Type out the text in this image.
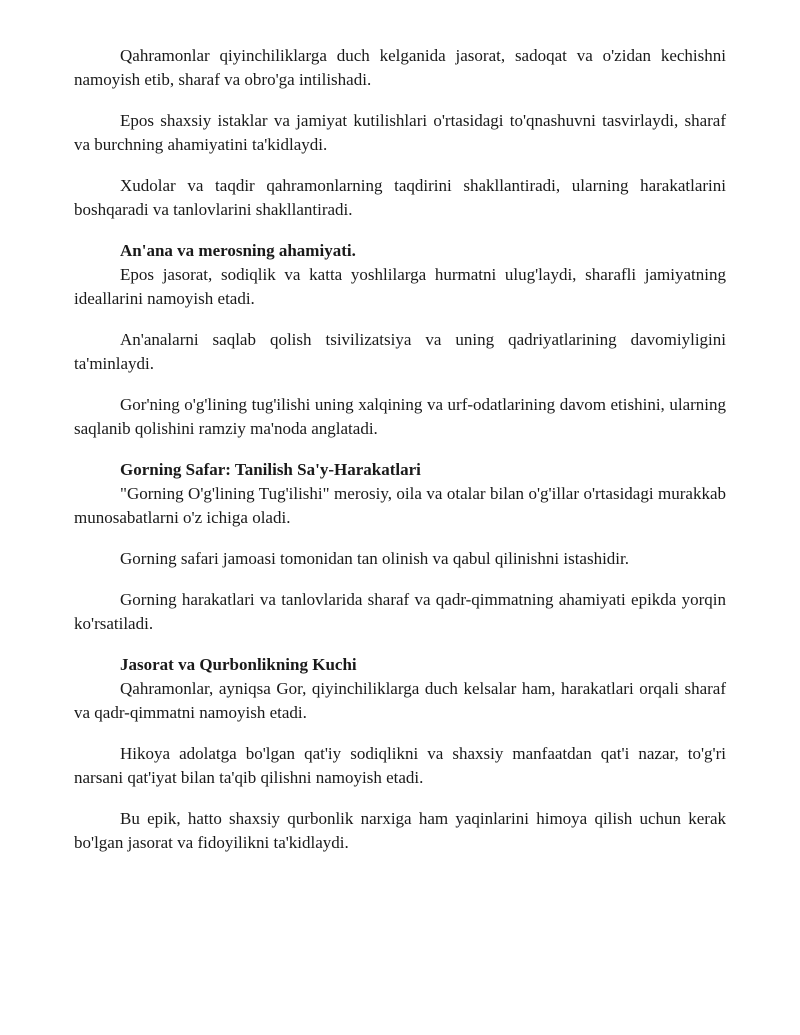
Qahramonlar qiyinchiliklarga duch kelganida jasorat, sadoqat va o'zidan kechishni namoyish etib, sharaf va obro'ga intilishadi.

Epos shaxsiy istaklar va jamiyat kutilishlari o'rtasidagi to'qnashuvni tasvirlaydi, sharaf va burchning ahamiyatini ta'kidlaydi.

Xudolar va taqdir qahramonlarning taqdirini shakllantiradi, ularning harakatlarini boshqaradi va tanlovlarini shakllantiradi.

An'ana va merosning ahamiyati.

Epos jasorat, sodiqlik va katta yoshlilarga hurmatni ulug'laydi, sharafli jamiyatning ideallarini namoyish etadi.

An'analarni saqlab qolish tsivilizatsiya va uning qadriyatlarining davomiyligini ta'minlaydi.

Gor'ning o'g'lining tug'ilishi uning xalqining va urf-odatlarining davom etishini, ularning saqlanib qolishini ramziy ma'noda anglatadi.

Gorning Safar: Tanilish Sa'y-Harakatlari

"Gorning O'g'lining Tug'ilishi" merosiy, oila va otalar bilan o'g'illar o'rtasidagi murakkab munosabatlarni o'z ichiga oladi.

Gorning safari jamoasi tomonidan tan olinish va qabul qilinishni istashidir.

Gorning harakatlari va tanlovlarida sharaf va qadr-qimmatning ahamiyati epikda yorqin ko'rsatiladi.

Jasorat va Qurbonlikning Kuchi

Qahramonlar, ayniqsa Gor, qiyinchiliklarga duch kelsalar ham, harakatlari orqali sharaf va qadr-qimmatni namoyish etadi.

Hikoya adolatga bo'lgan qat'iy sodiqlikni va shaxsiy manfaatdan qat'i nazar, to'g'ri narsani qat'iyat bilan ta'qib qilishni namoyish etadi.

Bu epik, hatto shaxsiy qurbonlik narxiga ham yaqinlarini himoya qilish uchun kerak bo'lgan jasorat va fidoyilikni ta'kidlaydi.
